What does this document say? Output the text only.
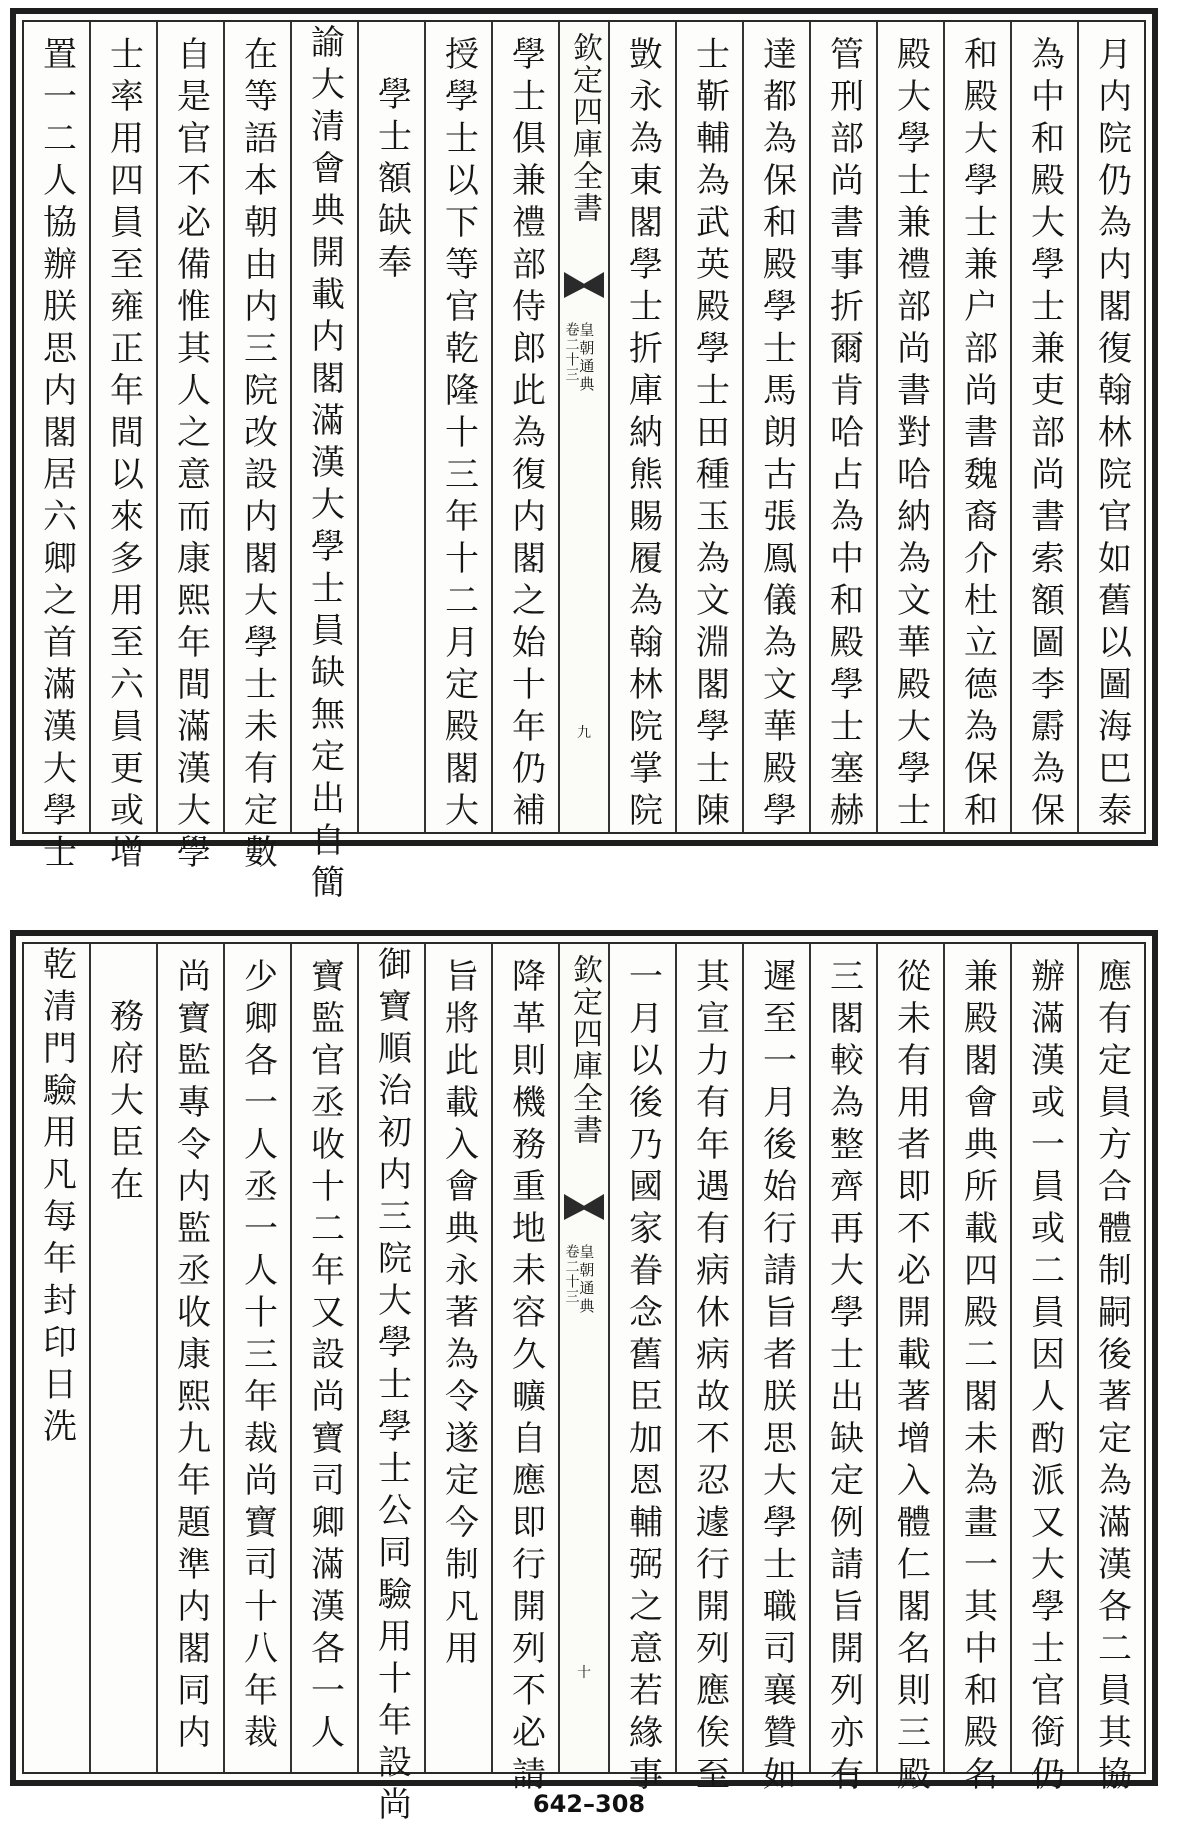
置一二人協辦朕思内閣居六卿之首滿漢大學士 士率用四員至雍正年間以來多用至六員更或增 自是官不必備惟其人之意而康熙年間滿漢大學 在等語本朝由内三院改設内閣大學士未有定數 諭大清會典開載内閣滿漢大學士員缺無定出自簡 學士額缺奉 授學士以下等官乾隆十三年十二月定殿閣大 學士俱兼禮部侍郎此為復内閣之始十年仍補 欽定四庫全書
皇朝通典
卷二十三
九 敳永為東閣學士折庫納熊賜履為翰林院掌院 士靳輔為武英殿學士田種玉為文淵閣學士陳 達都為保和殿學士馬朗古張鳯儀為文華殿學 管刑部尚書事折爾肯哈占為中和殿學士塞赫 殿大學士兼禮部尚書對哈納為文華殿大學士 和殿大學士兼户部尚書魏裔介杜立德為保和 為中和殿大學士兼吏部尚書索額圖李霨為保 月内院仍為内閣復翰林院官如舊以圖海巴泰
乾清門驗用凡每年封印日洗 務府大臣在 尚寶監專令内監丞收康熙九年題準内閣同内 少卿各一人丞一人十三年裁尚寶司十八年裁 寶監官丞收十二年又設尚寶司卿滿漢各一人 御寶順治初内三院大學士學士公同驗用十年設尚 旨將此載入會典永著為令遂定今制凡用 降革則機務重地未容久曠自應即行開列不必請 欽定四庫全書
皇朝通典
卷二十三
十 一月以後乃國家眷念舊臣加恩輔弼之意若緣事 其宣力有年遇有病休病故不忍遽行開列應俟至 遲至一月後始行請旨者朕思大學士職司襄贊如 三閣較為整齊再大學士出缺定例請旨開列亦有 從未有用者即不必開載著增入體仁閣名則三殿 兼殿閣會典所載四殿二閣未為畫一其中和殿名 辦滿漢或一員或二員因人酌派又大學士官銜仍 應有定員方合體制嗣後著定為滿漢各二員其協
642–308
